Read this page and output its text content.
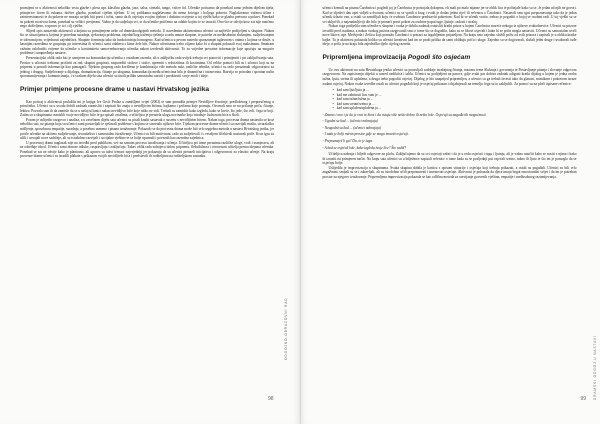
promijeni se u aktivnosti nekoliko vrsta glazbe i plesa npr. klasična glazba, jazz, salsa, stretaki, tango, valcer itd. Učenike poticamo da ponekad samo jednim dijelom tijela, primjerice licem ili rukama, dožive glazbu, ponekad cijelim tijelom. U toj prilikama naglašavamo da nema krivoga i boljega pokreta. Naglašavamo važnost tišine i zainteresiranosti te da pokrete ne moraju uvijek biti pravi i točni, samo da ih osjećaju svojim tijelom i dodatno osvijeste u toj vježbi kako se glazba pretvara u pokret. Ponekad su pokreti na nivou šuma, ponekad su veliki i pretjerani. Važno je da sudjeluju svi, te da učenike potičemo na odabir kojim će se izraziti. Ono što se odvija kroz sat nije naučeno nego doživljeno, a upravo je to i cilj vježbe.

Slijedi opis nastavnih aktivnosti u kojima su primijenjene neke od dramskoodgojnih metoda. U navedenim aktivnostima učenici su najčešće podijeljeni u skupine. Nakon što se situacijama u kojima je potrebna suradnja, rješavanja problema, zajedničkog traženja rješenja u radu unutar skupine, te potrebe za međusobnim slušanjem, sudjelovanjem te tolerancijom, vrijednosti zajedništva. Skupine formiraju tako da funkcioniraju homogeno. Kad učenicu u prvom razredu sporazumjet uglavnom s onima s kojima se druže, u kasnijim razredima se grupiraju po interesima ili učenici sami odaberu s kime žele biti. Nakon učenicama treba ciljano kako bi u skupini pokazali svoj maksimum. Smatram važnim osloboditi vrijeme da učenike u kontinuitetu samovrednovanja učenika nakon izvršenih aktivnosti. To su vrijedne povratne informacije koje upućuju na moguće probleme i unapređenja nastave.

Prezentacijski oblik rada bio je usmjeren na komunikaciju učenika s ostatkom razreda, ali u zaključku rada uvijek trebaju svi ponoviti i primijeniti i pri zaključivanju sata. Prostor u učionici trebamo proširiti za rad, skupini grupirati, rasporediti stolove i stolce, opremiti s rekvizitima ili kostimima. Od velike pomoći bili su i učenici koji su na pripremi u ponudi informacija kao pomagači. Tijekom grupnog rada korištena je kombinacija više metoda rada, različite tehnike, učenici su rado preuzimali odgovornost za jednog i drugog. Sudjelovanje u dijalogu, dramatizacija, čitanje po ulogama, komunikacija među učenicima bila je dinamična i raznovrsna. Razvija se prirodan i spontan način sporazumijevanja i komuniciranja, i u svakom dijelu sata učenici su imali priliku samostalno razviti i predstaviti svoje misli i ideje.

Primjer primjene procesne drame u nastavi Hrvatskog jezika

Kao poticaj u aktivnosti poslužila mi je knjiga Ive Grsić Prolaz u zamišljeni svijet (2002) te sam ponudila primjer Nevidljive životinje, predloženog i preporučenog u priručniku. Učenici su u uvodu dobili zadatak razmisliti i zapisati što znaju o nevidljivim bićima, bajkama i pričama koje poznaju. Osvrnuli smo se na pričanje priča, čitanje, lektiru. Pozvala sam ih da zamisle da se u našoj učionici nalazi nevidljivo biće koje nitko ne vidi. Trebali su zamisliti kako izgleda, kako se kreće, što jede, što voli, čega se boji. Zatim su u skupinama osmislili svoje nevidljivo biće te ga opisali ostalima, a učiteljica je preuzela ulogu novinarke koja istražuje čudnovata bića u školi.

Potom je uslijedio razgovor i analiza, a u završnom dijelu sata učenici su pisali kratki sastavak o susretu s nevidljivim bićem. Nakon toga, procesna drama nastavila se kroz nekoliko sati, uz pitanja koja su učenici sami postavljali te rješavali probleme s kojima se susretalo njihovo biće. Tijekom procesne drame učenici su razvijali maštu, stvaralačko mišljenje, sposobnost empatije, suradnju, a posebno usmeno i pisano izražavanje. Pokazalo se da procesna drama može biti vrlo uspješna metoda u nastavi Hrvatskog jezika, jer potiče učenike na aktivno sudjelovanje, stvaralaštvo i samostalno istraživanje. Učenici su bili motivirani, rado su sudjelovali i s veseljem iščekivali nastavak priče. Kroz igru su učili i usvajali nove sadržaje, ali su istodobno razvijali i socijalne vještine te se bolje upoznali i povezali kao razredna zajednica.

U procesnoj drami naglasak nije na izvedbi pred publikom, već na samom procesu istraživanja i učenja. Učiteljica pri tome preuzima različite uloge, vodi i usmjerava, ali ne određuje ishod. Učenici sami donose odluke, raspravljaju i zaključuju. Takav oblik rada zahtijeva dobru pripremu, fleksibilnost i otvorenost učitelja prema idejama učenika. Ponekad se sat ne odvije kako je planirano, ali upravo su takvi trenuci najvrjedniji jer pokazuju da su učenici preuzeli inicijativu i odgovornost za vlastito učenje. Na kraju procesne drame učenici su izradili plakate s prikazom svojih nevidljivih bića i predstavili ih roditeljima na roditeljskom sastanku.

ODGOJNO-OBRAZOVNI RAD
98

učenici krenuli na pisanu Čarobnicu i pogledi joj je Čarobnica je postojala doknjena, eli mali po malo nijanse jer se oblik lica te počinjale kako su se. Je jedan od njih ne govori. Kad se sljedeći dan opet vidjeli u dvorani, učenici su se vratili u krug i svaki je dodao jednu riječ ili rečenicu o Čarobnici. Nastavili smo igru prepoznavanja tako da je jedan učenik izlazio van, a ostali su zamišljali koju će osobinu Čarobnice predstaviti pokretom. Kad bi se učenik vratio, trebao je pogoditi o kojoj se osobini radi. U toj vježbi su se svi uključili, a najzanimljiviji dio bilo je pronaći pravi pokret za osobine poput tuge, ljutnje, radosti i straha.

Nakon toga podijelila sam učenike u skupine i svaka je dobila zadatak osmisliti kratki prizor u kojem Čarobnica susreće nekoga iz njihove svakodnevice. Učenici su prizore izvodili pred ostalima, a nakon svakog prizora razgovarali smo o tome što se dogodilo, kako su se likovi osjećali i kako bi se priča mogla nastaviti. Učenici su samostalno uveli nove likove, npr. Medvjeda i Zečicu koji pomažu Čarobnici u potrazi za izgubljenim prijateljem. Na kraju smo zajedno složili priču od svih prizora i zapisali je u obliku kratke bajke. Ta je aktivnost pokazala koliko su učenici kreativni kad im se pruži prilika da sami oblikuju priču i uloge. Zajedno su se dogovarali, slušali jedni druge i uvažavali tuđe ideje, a priča je na kraju bila zajedničko djelo cijelog razreda.

Pripremljena improvizacija Pogodi što osjećam

Uz ovu aktivnost na satu Hrvatskoga jezika učenici su ponavljali sadržaje izražajnog čitanja, nastavu teme Slušanja i govorenja te Postavljanje pitanja i slovanje odgovora razgovorom. Na zapisivanju objekti u razred uzdiktica i tablu. Učenici su podijeljeni na parove, gdje svaki par dobiva zadatak odigrati kratki dijalog u kojem je jedna osoba tužna, ljuta, sretna ili uplašena, a druga treba pogoditi osjećaj. Dijalog je bio unaprijed pripremljen, a učenici su ga trebali izvesti tako da glasom, mimikom i pokretom izraze zadani osjećaj. Nakon svake izvedbe ostali su učenici pogađali koji je osjećaj prikazan i objašnjavali na temelju čega su to zaključili. Za pomoć su na ploči ispisane rečenice:

• kad sam ljut/ljuta ja ...
• kad me zabrinuti licu vam je ...
• kad sam tužan/tužna ja ...
• kad sam sretan/sretna ja ...
• kad sam uplašen/uplašena ja ...
- Znamo i ono i ja da je vrat to život i da ostaju više nešto dobro ili nešto loše. Osjećaji su nagađa tih mogućnosti.
- Ugodni su kad ... (učenici nabrajaju)
- Neugodni su kad ... (učenici nabrajaju)
- I tada je bolji miran prostor gdje se mogu izraziti osjećaji.
- Prepoznaješ li ga? Da, to je tuga.
- A kad se osjećaš loše, kako izgleda tvoje lice? Što radiš?

Učiteljica nabraja i bilježi odgovore na ploču. Zaključujemo da su svi osjećaji važni i da je u redu osjećati i tugu i ljutnju, ali je važno naučiti kako se nositi s njima i kako ih izraziti na primjeren način. Na kraju sata učenici su u bilježnice zapisali rečenice o tome kada su se posljednji put osjećali sretno, tužno ili ljuto te što im je pomoglo da se osjećaju bolje.

Uslijedila je improvizacija u skupinama. Svaka skupina dobila je karticu s opisom situacije i osjećaja koji trebaju prikazati, a ostali su pogađali. Učenici su bili vrlo angažirani, smijali su se i zabavljali, ali su istodobno učili prepoznavati i imenovati osjećaje. Aktivnost je pokazala da djeca imaju bogat emocionalni svijet i da im je potreban prostor za njegovo izražavanje. Pripremljena improvizacija pokazala se kao odlična metoda za razvijanje govornih vještina, empatije i međusobnog razumijevanja.

DRAMSKI ODGOJ U NASTAVI
99
